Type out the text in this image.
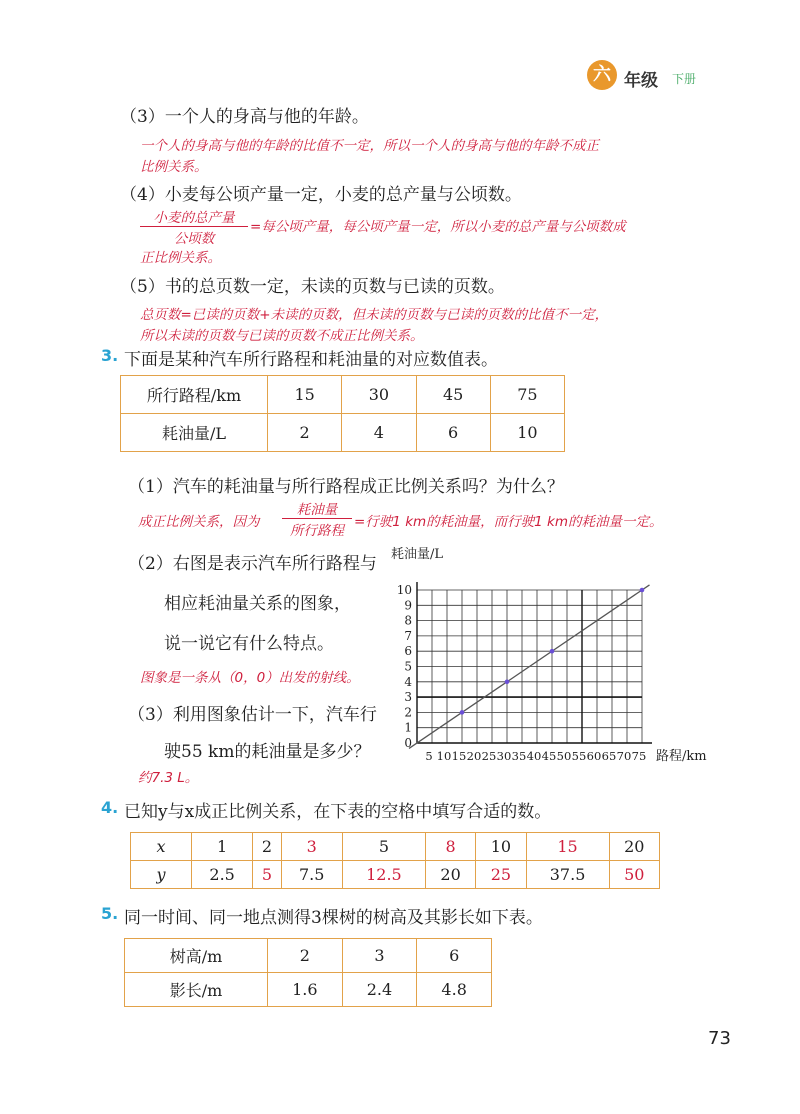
六 年级 下册
（3）一个人的身高与他的年龄。
一个人的身高与他的年龄的比值不一定，所以一个人的身高与他的年龄不成正
比例关系。
（4）小麦每公顷产量一定，小麦的总产量与公顷数。
小麦的总产量
公顷数
=每公顷产量，每公顷产量一定，所以小麦的总产量与公顷数成
正比例关系。
（5）书的总页数一定，未读的页数与已读的页数。
总页数=已读的页数+未读的页数，但未读的页数与已读的页数的比值不一定，
所以未读的页数与已读的页数不成正比例关系。
3. 下面是某种汽车所行路程和耗油量的对应数值表。
所行路程/km	15	30	45	75
耗油量/L	2	4	6	10
（1）汽车的耗油量与所行路程成正比例关系吗？为什么？
成正比例关系，因为
耗油量
所行路程
=行驶1 km的耗油量，而行驶1 km的耗油量一定。
（2）右图是表示汽车所行路程与
相应耗油量关系的图象，
说一说它有什么特点。
图象是一条从（0，0）出发的射线。
（3）利用图象估计一下，汽车行
驶55 km的耗油量是多少？
约7.3 L。
0
1
2
3
4
5
6
7
8
9
10
5 10 15 20 25 30 35 40 45 50 55 60 65 70 75
耗油量/L
路程/km
4. 已知y与x成正比例关系，在下表的空格中填写合适的数。
x	1	2	3	5	8	10	15	20
y	2.5	5	7.5	12.5	20	25	37.5	50
5. 同一时间、同一地点测得3棵树的树高及其影长如下表。
树高/m	2	3	6
影长/m	1.6	2.4	4.8
73
